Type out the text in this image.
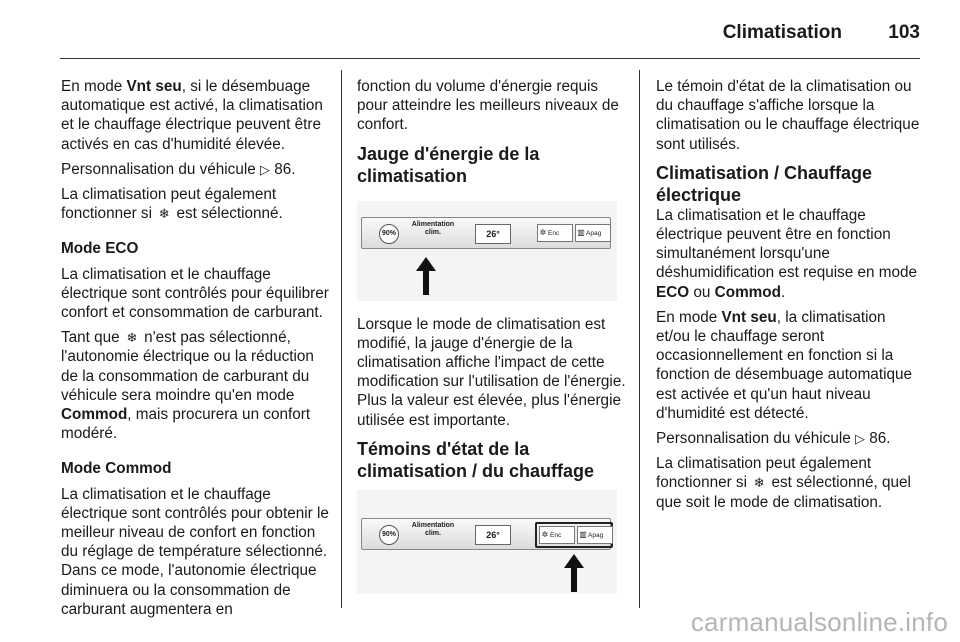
Climatisation 103

En mode Vnt seu, si le désembuage automatique est activé, la climatisation et le chauffage électrique peuvent être activés en cas d'humidité élevée.

Personnalisation du véhicule ▷ 86.

La climatisation peut également fonctionner si ❄ est sélectionné.

Mode ECO

La climatisation et le chauffage électrique sont contrôlés pour équilibrer confort et consommation de carburant.

Tant que ❄ n'est pas sélectionné, l'autonomie électrique ou la réduction de la consommation de carburant du véhicule sera moindre qu'en mode Commod, mais procurera un confort modéré.

Mode Commod

La climatisation et le chauffage électrique sont contrôlés pour obtenir le meilleur niveau de confort en fonction du réglage de température sélectionné. Dans ce mode, l'autonomie électrique diminuera ou la consommation de carburant augmentera en

fonction du volume d'énergie requis pour atteindre les meilleurs niveaux de confort.

Jauge d'énergie de la climatisation
90%
Alimentation
clim.	26°	✲ Enc	▥Apag

Lorsque le mode de climatisation est modifié, la jauge d'énergie de la climatisation affiche l'impact de cette modification sur l'utilisation de l'énergie. Plus la valeur est élevée, plus l'énergie utilisée est importante.

Témoins d'état de la climatisation / du chauffage
90%
Alimentation
clim.	26°	✲ Enc	▥Apag

Le témoin d'état de la climatisation ou du chauffage s'affiche lorsque la climatisation ou le chauffage électrique sont utilisés.

Climatisation / Chauffage électrique

La climatisation et le chauffage électrique peuvent être en fonction simultanément lorsqu'une déshumidification est requise en mode ECO ou Commod.

En mode Vnt seu, la climatisation et/ou le chauffage seront occasionnellement en fonction si la fonction de désembuage automatique est activée et qu'un haut niveau d'humidité est détecté.

Personnalisation du véhicule ▷ 86.

La climatisation peut également fonctionner si ❄ est sélectionné, quel que soit le mode de climatisation.

carmanualsonline.info
